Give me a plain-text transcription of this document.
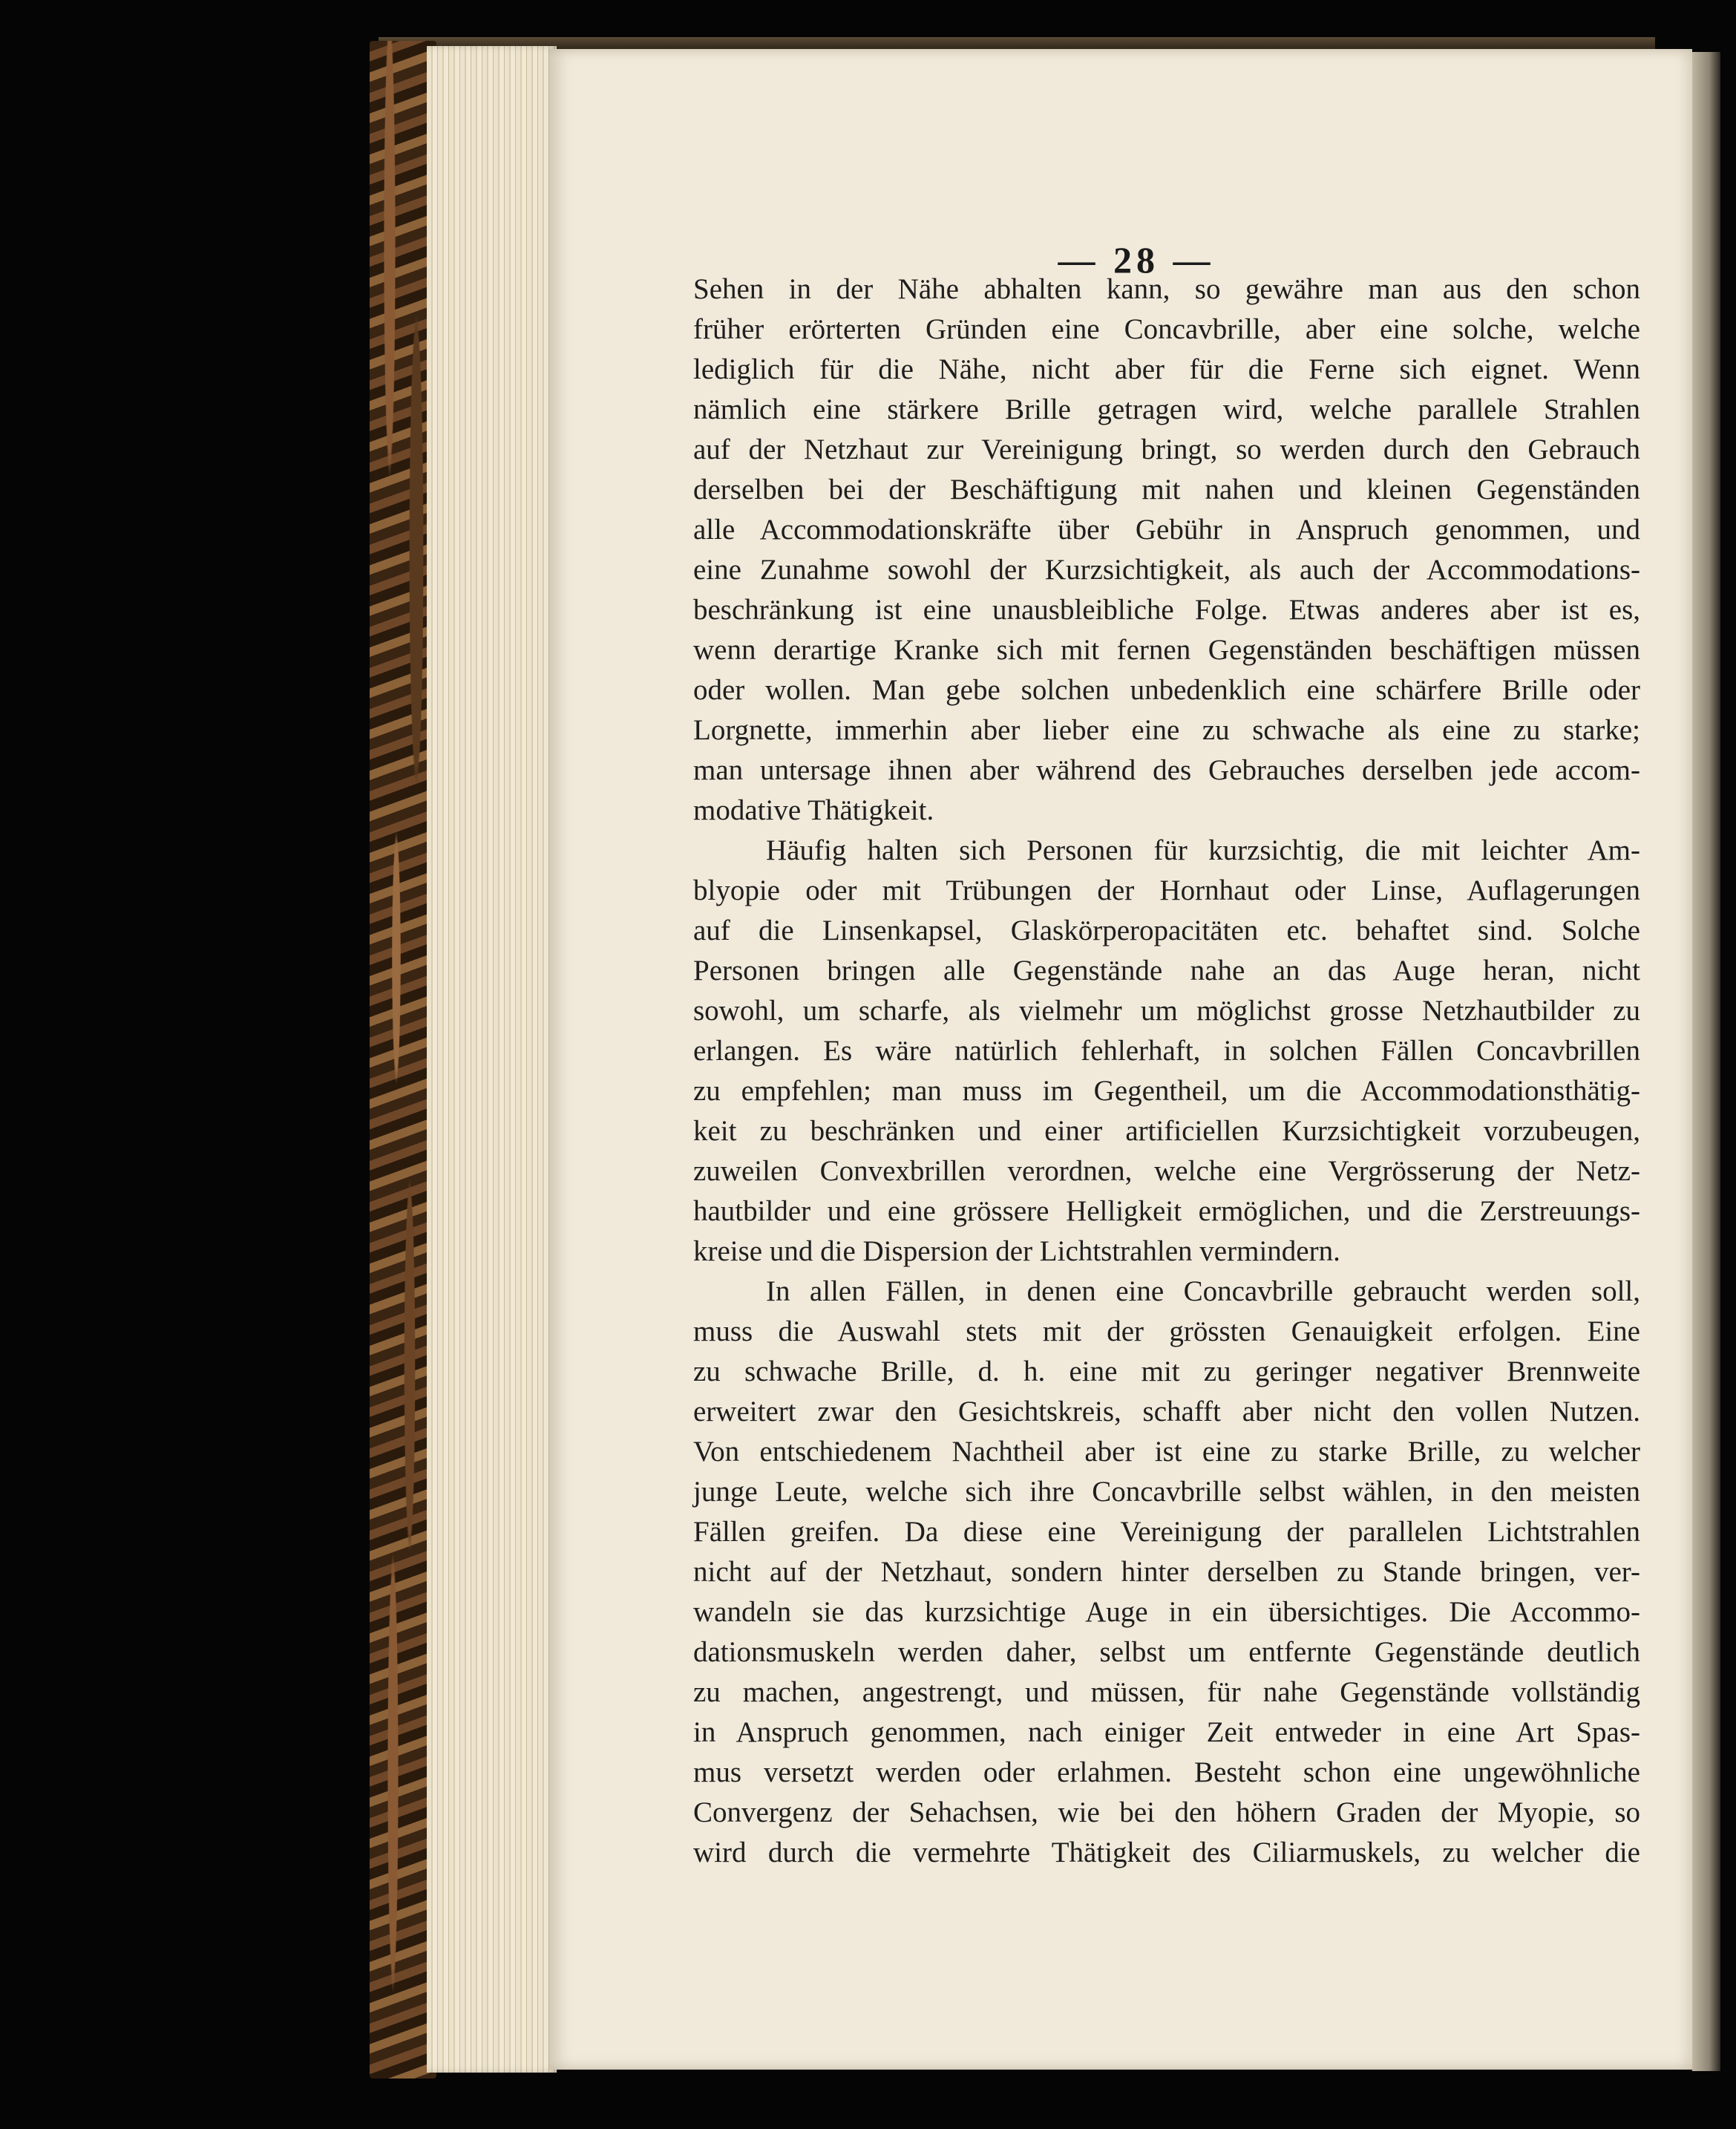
— 28 —
Sehen in der Nähe abhalten kann, so gewähre man aus den schon
früher erörterten Gründen eine Concavbrille, aber eine solche, welche
lediglich für die Nähe, nicht aber für die Ferne sich eignet. Wenn
nämlich eine stärkere Brille getragen wird, welche parallele Strahlen
auf der Netzhaut zur Vereinigung bringt, so werden durch den Gebrauch
derselben bei der Beschäftigung mit nahen und kleinen Gegenständen
alle Accommodationskräfte über Gebühr in Anspruch genommen, und
eine Zunahme sowohl der Kurzsichtigkeit, als auch der Accommodations-
beschränkung ist eine unausbleibliche Folge. Etwas anderes aber ist es,
wenn derartige Kranke sich mit fernen Gegenständen beschäftigen müssen
oder wollen. Man gebe solchen unbedenklich eine schärfere Brille oder
Lorgnette, immerhin aber lieber eine zu schwache als eine zu starke;
man untersage ihnen aber während des Gebrauches derselben jede accom-
modative Thätigkeit.
Häufig halten sich Personen für kurzsichtig, die mit leichter Am-
blyopie oder mit Trübungen der Hornhaut oder Linse, Auflagerungen
auf die Linsenkapsel, Glaskörperopacitäten etc. behaftet sind. Solche
Personen bringen alle Gegenstände nahe an das Auge heran, nicht
sowohl, um scharfe, als vielmehr um möglichst grosse Netzhautbilder zu
erlangen. Es wäre natürlich fehlerhaft, in solchen Fällen Concavbrillen
zu empfehlen; man muss im Gegentheil, um die Accommodationsthätig-
keit zu beschränken und einer artificiellen Kurzsichtigkeit vorzubeugen,
zuweilen Convexbrillen verordnen, welche eine Vergrösserung der Netz-
hautbilder und eine grössere Helligkeit ermöglichen, und die Zerstreuungs-
kreise und die Dispersion der Lichtstrahlen vermindern.
In allen Fällen, in denen eine Concavbrille gebraucht werden soll,
muss die Auswahl stets mit der grössten Genauigkeit erfolgen. Eine
zu schwache Brille, d. h. eine mit zu geringer negativer Brennweite
erweitert zwar den Gesichtskreis, schafft aber nicht den vollen Nutzen.
Von entschiedenem Nachtheil aber ist eine zu starke Brille, zu welcher
junge Leute, welche sich ihre Concavbrille selbst wählen, in den meisten
Fällen greifen. Da diese eine Vereinigung der parallelen Lichtstrahlen
nicht auf der Netzhaut, sondern hinter derselben zu Stande bringen, ver-
wandeln sie das kurzsichtige Auge in ein übersichtiges. Die Accommo-
dationsmuskeln werden daher, selbst um entfernte Gegenstände deutlich
zu machen, angestrengt, und müssen, für nahe Gegenstände vollständig
in Anspruch genommen, nach einiger Zeit entweder in eine Art Spas-
mus versetzt werden oder erlahmen. Besteht schon eine ungewöhnliche
Convergenz der Sehachsen, wie bei den höhern Graden der Myopie, so
wird durch die vermehrte Thätigkeit des Ciliarmuskels, zu welcher die
